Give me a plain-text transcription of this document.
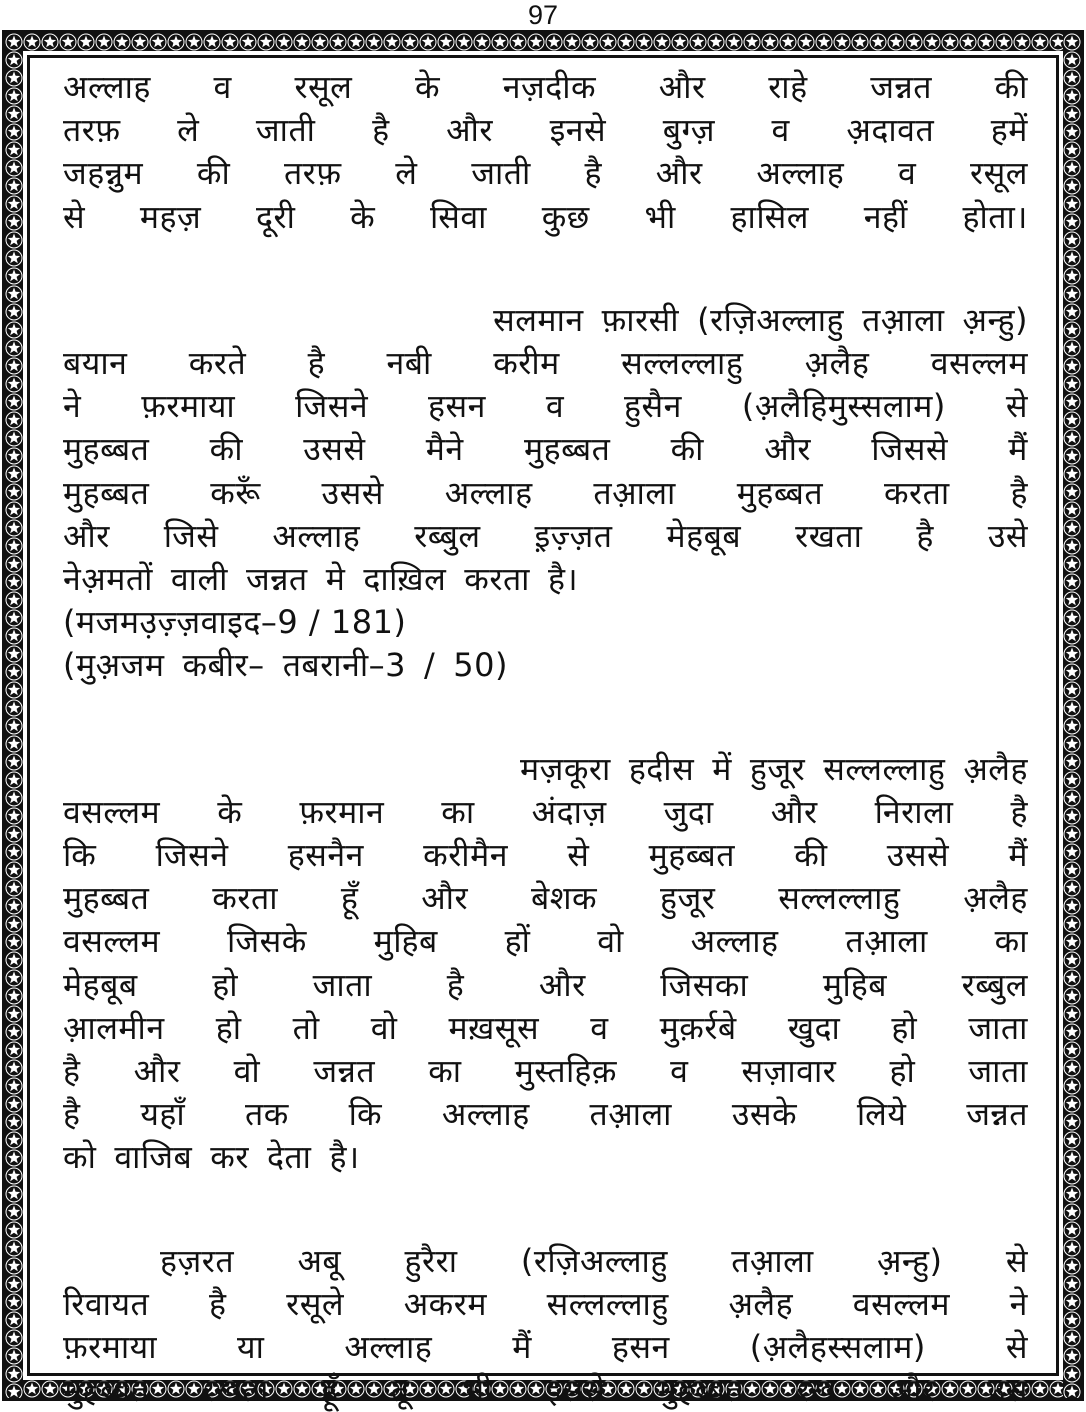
97
अल्लाह व रसूल के नज़दीक और राहे जन्नत की
तरफ़ ले जाती है और इनसे बुग्ज़ व अ़दावत हमें
जहन्नुम की तरफ़ ले जाती है और अल्लाह व रसूल
से महज़ दूरी के सिवा कुछ भी हासिल नहीं होता।
सलमान फ़ारसी (रज़िअल्लाहु तआ़ला अ़न्हु)
बयान करते है नबी करीम सल्लल्लाहु अ़लैह वसल्लम
ने फ़रमाया जिसने हसन व हुसैन (अ़लैहिमुस्सलाम) से
मुहब्बत की उससे मैने मुहब्बत की और जिससे मैं
मुहब्बत करूँ उससे अल्लाह तआ़ला मुहब्बत करता है
और जिसे अल्लाह रब्बुल इ़ज़्ज़त मेहबूब रखता है उसे
नेअ़मतों वाली जन्नत मे दाख़िल करता है।
(मजमउ़ज़्ज़वाइद–9 / 181)
(मुअ़जम कबीर– तबरानी–3 / 50)
मज़कूरा हदीस में हुजूर सल्लल्लाहु अ़लैह
वसल्लम के फ़रमान का अंदाज़ जुदा और निराला है
कि जिसने हसनैन करीमैन से मुहब्बत की उससे मैं
मुहब्बत करता हूँ और बेशक हुजूर सल्लल्लाहु अ़लैह
वसल्लम जिसके मुहिब हों वो अल्लाह तआ़ला का
मेहबूब हो जाता है और जिसका मुहिब रब्बुल
आ़लमीन हो तो वो मख़सूस व मुक़र्रबे खुदा हो जाता
है और वो जन्नत का मुस्तहिक़ व सज़ावार हो जाता
है यहाँ तक कि अल्लाह तआ़ला उसके लिये जन्नत
को वाजिब कर देता है।
हज़रत अबू हुरैरा (रज़िअल्लाहु तआ़ला अ़न्हु) से
रिवायत है रसूले अकरम सल्लल्लाहु अ़लैह वसल्लम ने
फ़रमाया या अल्लाह मैं हसन (अ़लैहस्सलाम) से
मुहब्बत रखता हूँ तू भी इससे मुहब्बत रख और उस
